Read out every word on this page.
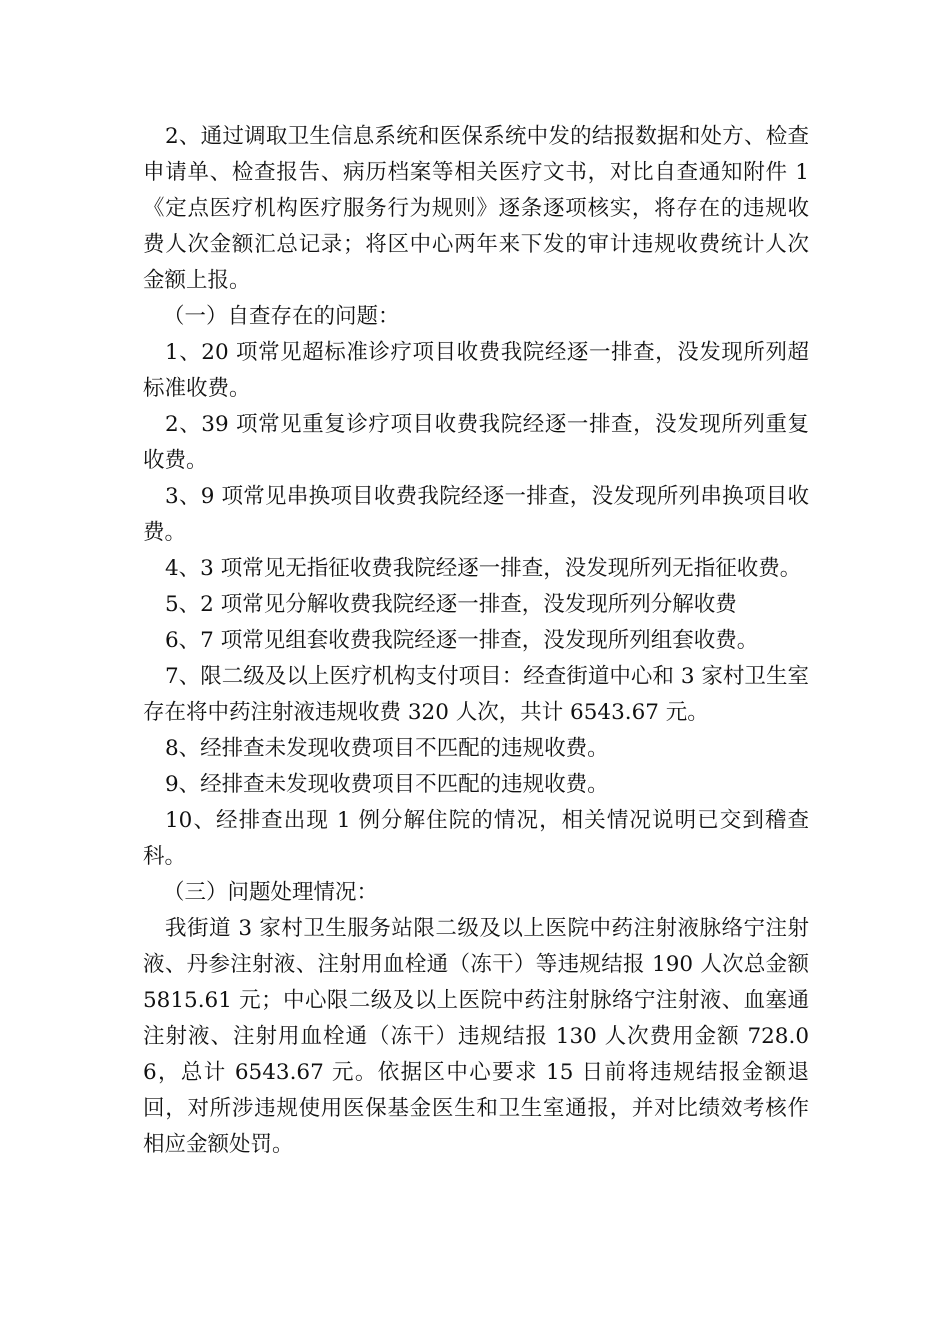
2、通过调取卫生信息系统和医保系统中发的结报数据和处方、检查申请单、检查报告、病历档案等相关医疗文书，对比自查通知附件 1《定点医疗机构医疗服务行为规则》逐条逐项核实，将存在的违规收费人次金额汇总记录；将区中心两年来下发的审计违规收费统计人次金额上报。

（一）自查存在的问题：

1、20 项常见超标准诊疗项目收费我院经逐一排查，没发现所列超标准收费。

2、39 项常见重复诊疗项目收费我院经逐一排查，没发现所列重复收费。

3、9 项常见串换项目收费我院经逐一排查，没发现所列串换项目收费。

4、3 项常见无指征收费我院经逐一排查，没发现所列无指征收费。

5、2 项常见分解收费我院经逐一排查，没发现所列分解收费

6、7 项常见组套收费我院经逐一排查，没发现所列组套收费。

7、限二级及以上医疗机构支付项目：经查街道中心和 3 家村卫生室存在将中药注射液违规收费 320 人次，共计 6543.67 元。

8、经排查未发现收费项目不匹配的违规收费。

9、经排查未发现收费项目不匹配的违规收费。

10、经排查出现 1 例分解住院的情况，相关情况说明已交到稽查科。

（三）问题处理情况：

我街道 3 家村卫生服务站限二级及以上医院中药注射液脉络宁注射液、丹参注射液、注射用血栓通（冻干）等违规结报 190 人次总金额 5815.61 元；中心限二级及以上医院中药注射脉络宁注射液、血塞通注射液、注射用血栓通（冻干）违规结报 130 人次费用金额 728.06，总计 6543.67 元。依据区中心要求 15 日前将违规结报金额退回，对所涉违规使用医保基金医生和卫生室通报，并对比绩效考核作相应金额处罚。
